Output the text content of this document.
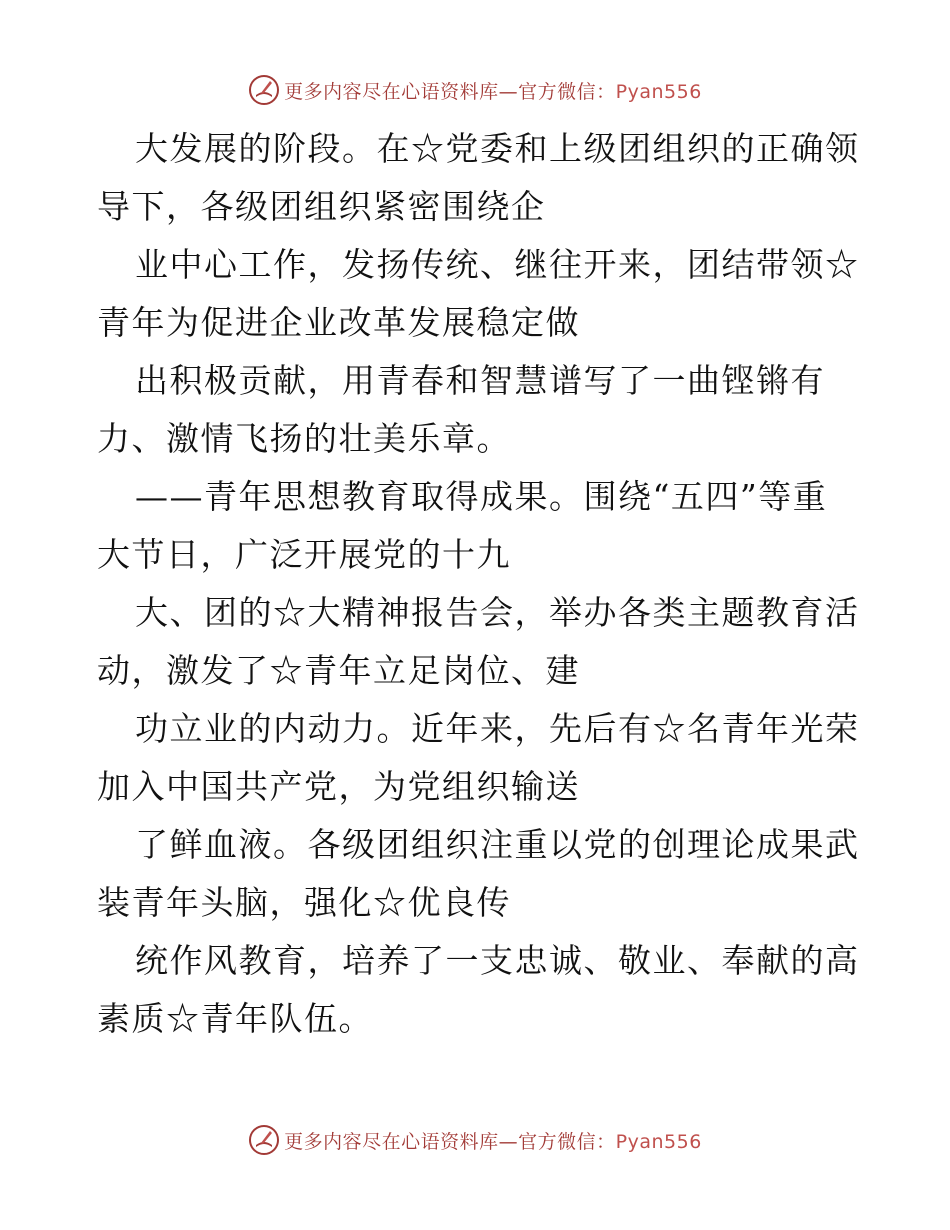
更多内容尽在心语资料库—官方微信：Pyan556
大发展的阶段。在☆党委和上级团组织的正确领
导下，各级团组织紧密围绕企
业中心工作，发扬传统、继往开来，团结带领☆
青年为促进企业改革发展稳定做
出积极贡献，用青春和智慧谱写了一曲铿锵有
力、激情飞扬的壮美乐章。
——青年思想教育取得成果。围绕“五四”等重
大节日，广泛开展党的十九
大、团的☆大精神报告会，举办各类主题教育活
动，激发了☆青年立足岗位、建
功立业的内动力。近年来，先后有☆名青年光荣
加入中国共产党，为党组织输送
了鲜血液。各级团组织注重以党的创理论成果武
装青年头脑，强化☆优良传
统作风教育，培养了一支忠诚、敬业、奉献的高
素质☆青年队伍。
更多内容尽在心语资料库—官方微信：Pyan556
